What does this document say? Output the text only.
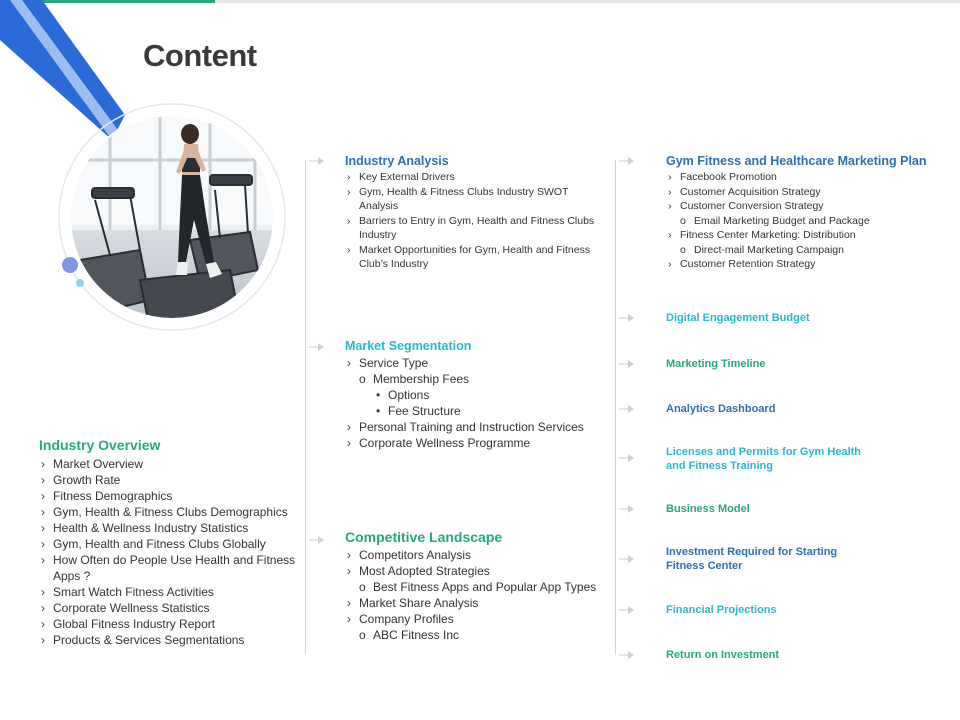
Content
Industry Overview
› Market Overview
› Growth Rate
› Fitness Demographics
› Gym, Health & Fitness Clubs Demographics
› Health & Wellness Industry Statistics
› Gym, Health and Fitness Clubs Globally
› How Often do People Use Health and Fitness Apps ?
› Smart Watch Fitness Activities
› Corporate Wellness Statistics
› Global Fitness Industry Report
› Products & Services Segmentations
Industry Analysis
› Key External Drivers
› Gym, Health & Fitness Clubs Industry SWOT Analysis
› Barriers to Entry in Gym, Health and Fitness Clubs Industry
› Market Opportunities for Gym, Health and Fitness Club’s Industry
Market Segmentation
› Service Type
o Membership Fees
• Options
• Fee Structure
› Personal Training and Instruction Services
› Corporate Wellness Programme
Competitive Landscape
› Competitors Analysis
› Most Adopted Strategies
o Best Fitness Apps and Popular App Types
› Market Share Analysis
› Company Profiles
o ABC Fitness Inc
Gym Fitness and Healthcare Marketing Plan
› Facebook Promotion
› Customer Acquisition Strategy
› Customer Conversion Strategy
o Email Marketing Budget and Package
› Fitness Center Marketing: Distribution
o Direct-mail Marketing Campaign
› Customer Retention Strategy
Digital Engagement Budget
Marketing Timeline
Analytics Dashboard
Licenses and Permits for Gym Health and Fitness Training
Business Model
Investment Required for Starting Fitness Center
Financial Projections
Return on Investment
